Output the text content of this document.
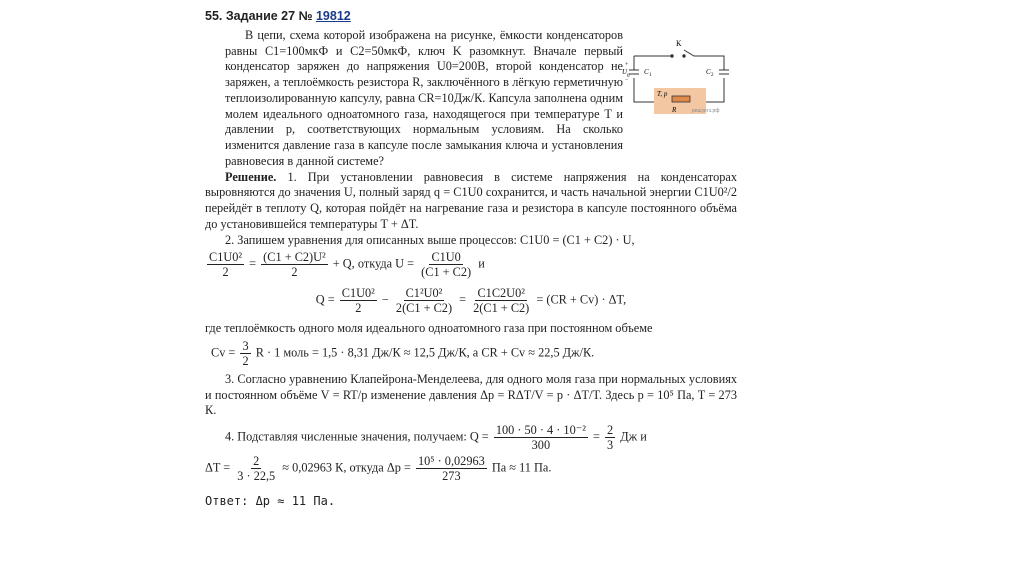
55. Задание 27 № 19812

В цепи, схема которой изображена на рисунке, ёмкости конденсаторов равны C1=100мкФ и C2=50мкФ, ключ K разомкнут. Вначале первый конденсатор заряжен до напряжения U0=200В, второй конденсатор не заряжен, а теплоёмкость резистора R, заключённого в лёгкую герметичную теплоизолированную капсулу, равна CR=10Дж/К. Капсула заполнена одним молем идеального одноатомного газа, находящегося при температуре T и давлении p, соответствующих нормальным условиям. На сколько изменится давление газа в капсуле после замыкания ключа и установления равновесия в данной системе?

Решение. 1. При установлении равновесия в системе напряжения на конденсаторах выровняются до значения U, полный заряд q = C1U0 сохранится, и часть начальной энергии C1U0²/2 перейдёт в теплоту Q, которая пойдёт на нагревание газа и резистора в капсуле постоянного объёма до установившейся температуры T + ΔT.

2. Запишем уравнения для описанных выше процессов: C1U0 = (C1 + C2) · U,

$\frac{\text{C1U0²}}{2} = \frac{\text{(C1 + C2)U²}}{2} + Q$, откуда $U = \frac{C1U0}{(C1 + C2)}$ и
$Q = \frac{\text{C1U0²}}{2} - \frac{\text{C1²U0²}}{2(C1 + C2)} = \frac{\text{C1C2U0²}}{2(C1 + C2)} = (CR + Cv) \cdot \Delta T$,

где теплоёмкость одного моля идеального одноатомного газа при постоянном объеме

$Cv = \frac{3}{2}$ R · 1 моль = 1,5 · 8,31 Дж/К ≈ 12,5 Дж/К, а CR + Cv ≈ 22,5 Дж/К.

3. Согласно уравнению Клапейрона-Менделеева, для одного моля газа при нормальных условиях и постоянном объёме V = RT/p изменение давления Δp = RΔT/V = p · ΔT/T. Здесь p = 10⁵ Па, T = 273 К.

4. Подставляя численные значения, получаем: $Q = \frac{\text{100 · 50 · 4 · 10⁻²}}{300} = \frac{2}{3}$ Дж и
$\Delta T = \frac{2}{3 \cdot 22,5} \approx 0,02963$ К, откуда $\Delta p = \frac{\text{10⁵ · 0,02963}}{273}$ Па ≈ 11 Па.
Ответ: Δp ≈ 11 Па.
К
U
0
+
−
C 1	C 2
T, p
R	решуегэ.рф
